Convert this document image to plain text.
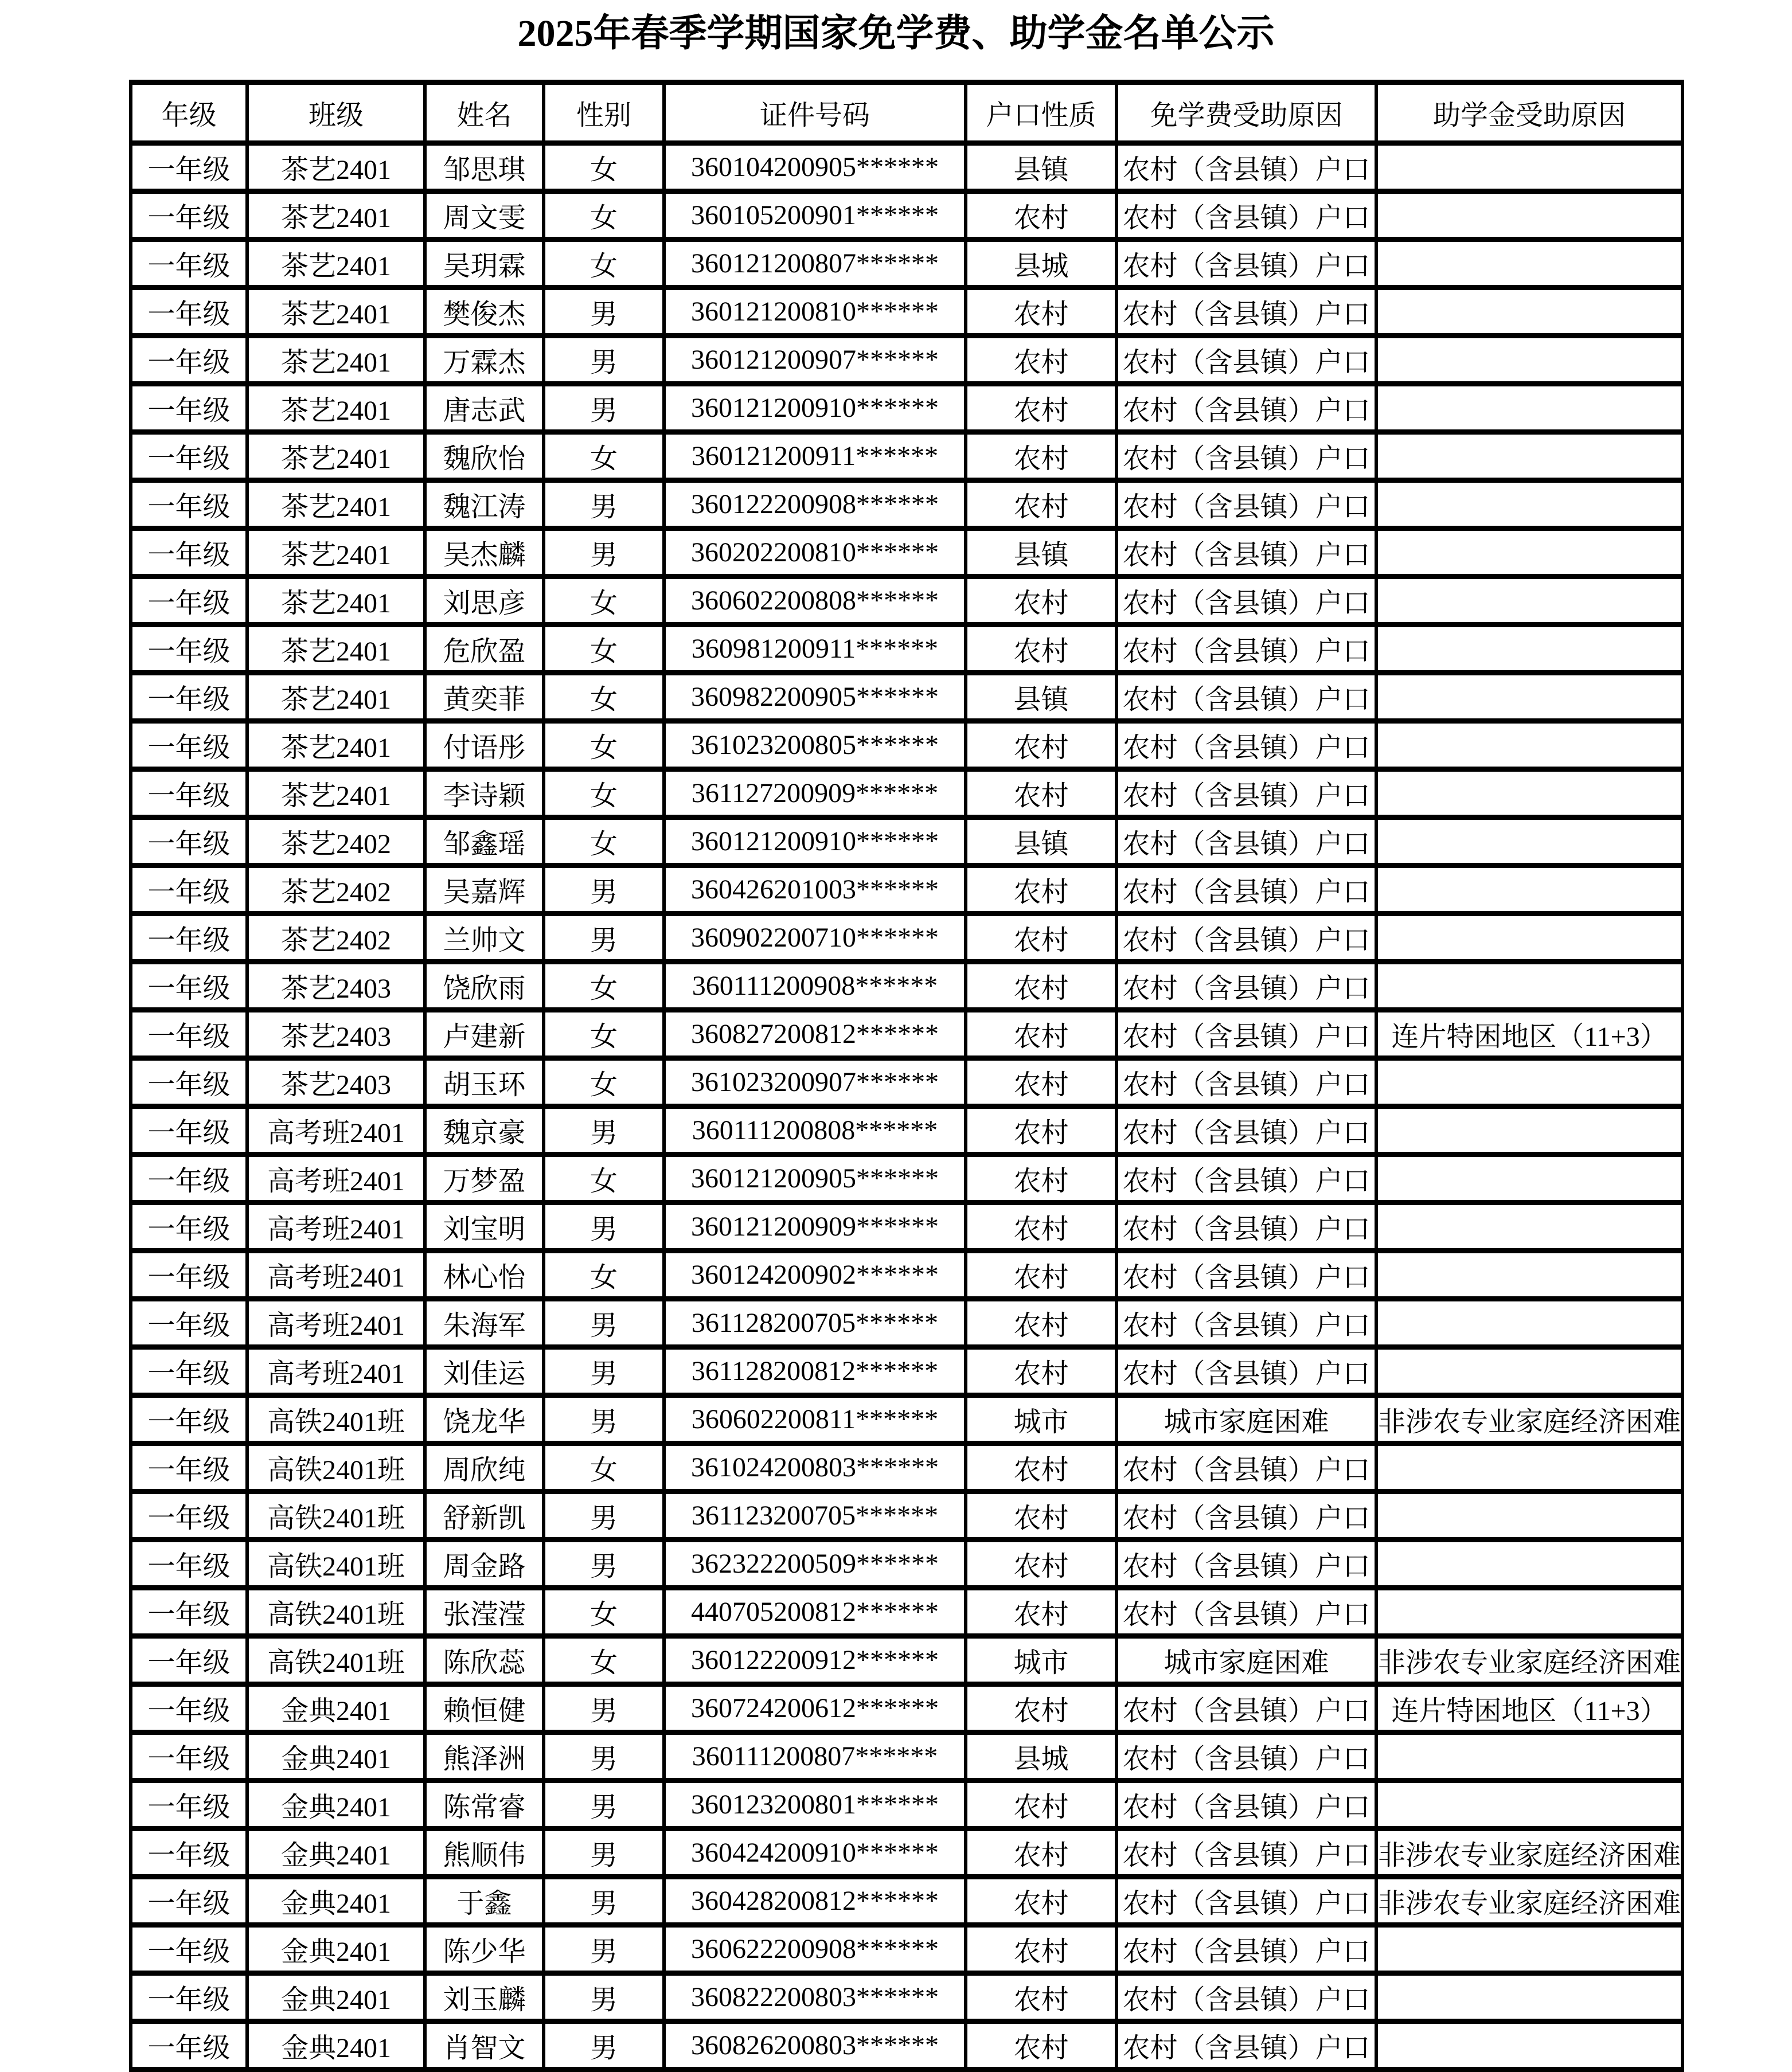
2025年春季学期国家免学费、助学金名单公示
年级	班级	姓名	性别	证件号码	户口性质	免学费受助原因	助学金受助原因
一年级	茶艺2401	邹思琪	女	360104200905******	县镇	农村（含县镇）户口	
一年级	茶艺2401	周文雯	女	360105200901******	农村	农村（含县镇）户口	
一年级	茶艺2401	吴玥霖	女	360121200807******	县城	农村（含县镇）户口	
一年级	茶艺2401	樊俊杰	男	360121200810******	农村	农村（含县镇）户口	
一年级	茶艺2401	万霖杰	男	360121200907******	农村	农村（含县镇）户口	
一年级	茶艺2401	唐志武	男	360121200910******	农村	农村（含县镇）户口	
一年级	茶艺2401	魏欣怡	女	360121200911******	农村	农村（含县镇）户口	
一年级	茶艺2401	魏江涛	男	360122200908******	农村	农村（含县镇）户口	
一年级	茶艺2401	吴杰麟	男	360202200810******	县镇	农村（含县镇）户口	
一年级	茶艺2401	刘思彦	女	360602200808******	农村	农村（含县镇）户口	
一年级	茶艺2401	危欣盈	女	360981200911******	农村	农村（含县镇）户口	
一年级	茶艺2401	黄奕菲	女	360982200905******	县镇	农村（含县镇）户口	
一年级	茶艺2401	付语彤	女	361023200805******	农村	农村（含县镇）户口	
一年级	茶艺2401	李诗颖	女	361127200909******	农村	农村（含县镇）户口	
一年级	茶艺2402	邹鑫瑶	女	360121200910******	县镇	农村（含县镇）户口	
一年级	茶艺2402	吴嘉辉	男	360426201003******	农村	农村（含县镇）户口	
一年级	茶艺2402	兰帅文	男	360902200710******	农村	农村（含县镇）户口	
一年级	茶艺2403	饶欣雨	女	360111200908******	农村	农村（含县镇）户口	
一年级	茶艺2403	卢建新	女	360827200812******	农村	农村（含县镇）户口	连片特困地区（11+3）
一年级	茶艺2403	胡玉环	女	361023200907******	农村	农村（含县镇）户口	
一年级	高考班2401	魏京豪	男	360111200808******	农村	农村（含县镇）户口	
一年级	高考班2401	万梦盈	女	360121200905******	农村	农村（含县镇）户口	
一年级	高考班2401	刘宝明	男	360121200909******	农村	农村（含县镇）户口	
一年级	高考班2401	林心怡	女	360124200902******	农村	农村（含县镇）户口	
一年级	高考班2401	朱海军	男	361128200705******	农村	农村（含县镇）户口	
一年级	高考班2401	刘佳运	男	361128200812******	农村	农村（含县镇）户口	
一年级	高铁2401班	饶龙华	男	360602200811******	城市	城市家庭困难	非涉农专业家庭经济困难
一年级	高铁2401班	周欣纯	女	361024200803******	农村	农村（含县镇）户口	
一年级	高铁2401班	舒新凯	男	361123200705******	农村	农村（含县镇）户口	
一年级	高铁2401班	周金路	男	362322200509******	农村	农村（含县镇）户口	
一年级	高铁2401班	张滢滢	女	440705200812******	农村	农村（含县镇）户口	
一年级	高铁2401班	陈欣蕊	女	360122200912******	城市	城市家庭困难	非涉农专业家庭经济困难
一年级	金典2401	赖恒健	男	360724200612******	农村	农村（含县镇）户口	连片特困地区（11+3）
一年级	金典2401	熊泽洲	男	360111200807******	县城	农村（含县镇）户口	
一年级	金典2401	陈常睿	男	360123200801******	农村	农村（含县镇）户口	
一年级	金典2401	熊顺伟	男	360424200910******	农村	农村（含县镇）户口	非涉农专业家庭经济困难
一年级	金典2401	于鑫	男	360428200812******	农村	农村（含县镇）户口	非涉农专业家庭经济困难
一年级	金典2401	陈少华	男	360622200908******	农村	农村（含县镇）户口	
一年级	金典2401	刘玉麟	男	360822200803******	农村	农村（含县镇）户口	
一年级	金典2401	肖智文	男	360826200803******	农村	农村（含县镇）户口	
